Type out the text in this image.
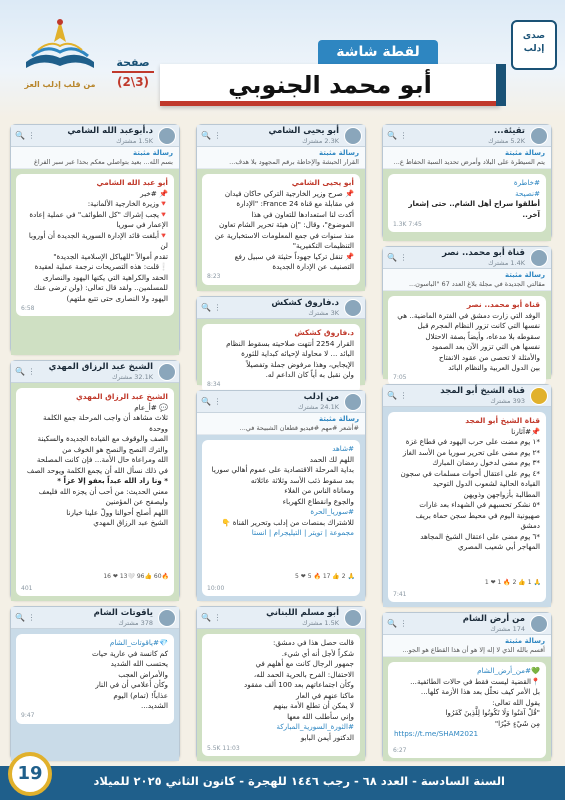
من قلب إدلب العز
صفحة
(3\2)
لقطة شاشة
أبو محمد الجنوبي
صدى
إدلب
د.أبوعبد الله الشامي
1.5K مشترك
⋮ 🔍
رسالة مثبتة
بسم الله... بعيد بتواصلي معكم بحذا عبر سبر الفراغ
أبو عبد الله الشامي
📌 #خبر
🔻وزيرة الخارجية الألمانية:
🔻يجب إشراك "كل الطوائف" في عملية إعادة
الإعمار في سوريا
🔻أبلغت قائد الإدارة السورية الجديدة أن أوروبا لن
تقدم أموالاً "للهياكل الإسلامية الجديدة"
❕قلت: هذه التصريحات نرجمة عملية لعقيدة
الحقد والكراهية التي يكنها اليهود والنصارى
للمسلمين.. ولقد قال تعالى: (ولن ترضى عنك
اليهود ولا النصارى حتى تتبع ملتهم)
6:58
الشيخ عبد الرزاق المهدي
32.1K مشترك
⋮ 🔍
الشيخ عبد الرزاق المهدي
💬 #أ_عام
ثلاث مشاهد أن واجب المرحلة جمع الكلمة ووحدة
الصف والوقوف مع القيادة الجديدة والسكينة
والترك النصح والنصح هو الخوف من
الله ومراعاة حال الأمة... فإن كانت المصلحة
في ذلك نسأل الله أن يجمع الكلمة ويوحد الصف
* ونا زاد الله عبداً بعفو إلا عزاً *
معني الحديث: من أحب أن يجزه الله فليعف
وليصفح عن المؤمنين
اللهم أصلح أحوالنا وولّ علينا خيارنا
الشيخ عبد الرزاق المهدي
🔥60 👍96 🤍13 ❤ 16
401
ياقوتات الشام
378 مشترك
⋮ 🔍
💎#ياقوتات_الشام
كم كانسة في عارية حيات
يحتسب الله الشديد
والأمراض العجب
وكأن أعلامي أن في النار
عذاباً! (تمام) اليوم
الشديد...
9:47
أبو يحيى الشامي
2.3K مشترك
⋮ 🔍
رسالة مثبتة
القرار الحبشة والإحاطة برقم المجهود بلا هدف...
أبو يحيى الشامي
📌 صرح وزير الخارجية التركي حاكان فيدان
في مقابلة مع قناة France 24: "الإدارة
أكدت لنا استعدادها للتعاون في هذا
الموضوع"، وقال: "إن هيئة تحرير الشام تعاون
منذ سنوات في جمع المعلومات الاستخبارية عن
التنظيمات التكفيرية"
📌 تنقل تركيا جهوداً حثيثة في سبيل رفع
التصنيف عن الإدارة الجديدة
8:23
د.فاروق كشكش
3K مشترك
⋮ 🔍
د.فاروق كشكش
القرار 2254 أنتهت صلاحيته بسقوط النظام
البائد ... لا محاولة لإحيائه كبداية للثورة
الإيجابي، وهذا مرفوض جملة وتفصيلاً
ولن نقبل به أياً كان الداعم له.
8:34
من إدلب
24.1K مشترك
⋮ 🔍
رسالة مثبتة
#أشعر #مهم #فيديو قطعان الشبيحة في...
#شاهد
اللهم لك الحمد
بداية المرحلة الاقتصادية على عموم أهالي سوريا
بعد سقوط ذئب الأسد وثلاثة عائلاته
ومعاناة الناس من الغلاء
والجوع وانقطاع الكهرباء
#سوريا_الحرة
للاشتراك بمنصات من إدلب وتحرير القناة 👇
مجموعة | تويتر | التيليجرام | انستا
🙏 2 👍 17 🔥 5 ❤ 5
10:00
أبو مسلم اللبناني
1.5K مشترك
⋮ 🔍
قالت حصل هذا في دمشق:
شكراً لأجل أنه أي شيء.
جمهور الرجال كانت مع أهلهم في
الاحتفال: الفرح بالحرية الحمد لله،
وكأن اجتماعاتهم بعد 100 ألف مفقود
ماكنا عنهم في العار
لا يمكن أن تطلع الأمة بينهم
وإني سأطلب الله معها
#الثورة_السورية_المباركة
الدكتور أيمن البابو
5.5K 11:03
تقيئة...
5.2K مشترك
⋮ 🔍
رسالة مثبتة
يتم السيطرة على البلاد وأمرض تحديد السبة الحفاظ ع...
#خاطرة
#نصيحة
أطلقوا سراح أهل الشام.. حتى إشعار آخر..
1.3K 7:45
قناة أبو محمد.. نصر
1.4K مشترك
⋮ 🔍
رسالة مثبتة
مقالتي الجديدة في مجلة بلاغ العدد 67 "الباسون...
قناة أبو محمد.. نصر
الوفد التي زارت دمشق في الفترة الماضية.. هي
نفسها التي كانت تزور النظام المجرم قبل
سقوطه بلا مدعاه، وأيضاً بصفة الاحتلال
نفسها هي التي تزور الآن بعد الصمود
والأمثلة لا تحصى من عقود الانفتاح
بين الدول العربية والنظام البائد
7:05
قناة الشيخ أبو المجد
393 مشترك
⋮ 🔍
قناة الشيخ أبو المجد
📌#آثارنا
*١ يوم مضت على حرب اليهود في قطاع غزة
*٢ يوم مضى على تحرير سوريا من الأسد الغاز
*٣ يوم مضى لدخول رمضان المبارك
*٤ يوم على اعتقال أحوات مسلمات في سجون
القيادة الحالية لشعوب الدول التوحيد
المطالبة بأزواجهن وذويهن
*٥ نشكر تحسبهم في الشهداء بعد غارات
صهيونية اليوم في محيط سجن حماة بريف دمشق
*٦ يوم مضى على اعتقال الشيخ المجاهد
المهاجر أبي شعيب المصري
🙏 1 👍 2 🔥 1 ❤ 1
7:41
من أرض الشام
174 مشترك
⋮ 🔍
رسالة مثبتة
أقسم بالله الذي لا إله إلا هو أن هذا القطاع هو الجو...
💚#من_أرض_الشام
📍القضية ليست فقط في حالات الطائفية...
بل الأمر كيف نحلّل بعد هذا الأزمة كلها...
يقول الله تعالى:
"قُلْ آمَنُوا وَلَا تَكُونُوا لِلَّذِينَ كَفَرُوا
مِن شَيْءٍ خَيْرًا"
https://t.me/SHAM2021
6:27
السنة السادسة - العدد ٦٨ - رجب ١٤٤٦ للهجرة - كانون الثاني ٢٠٢٥ للميلاد
19
